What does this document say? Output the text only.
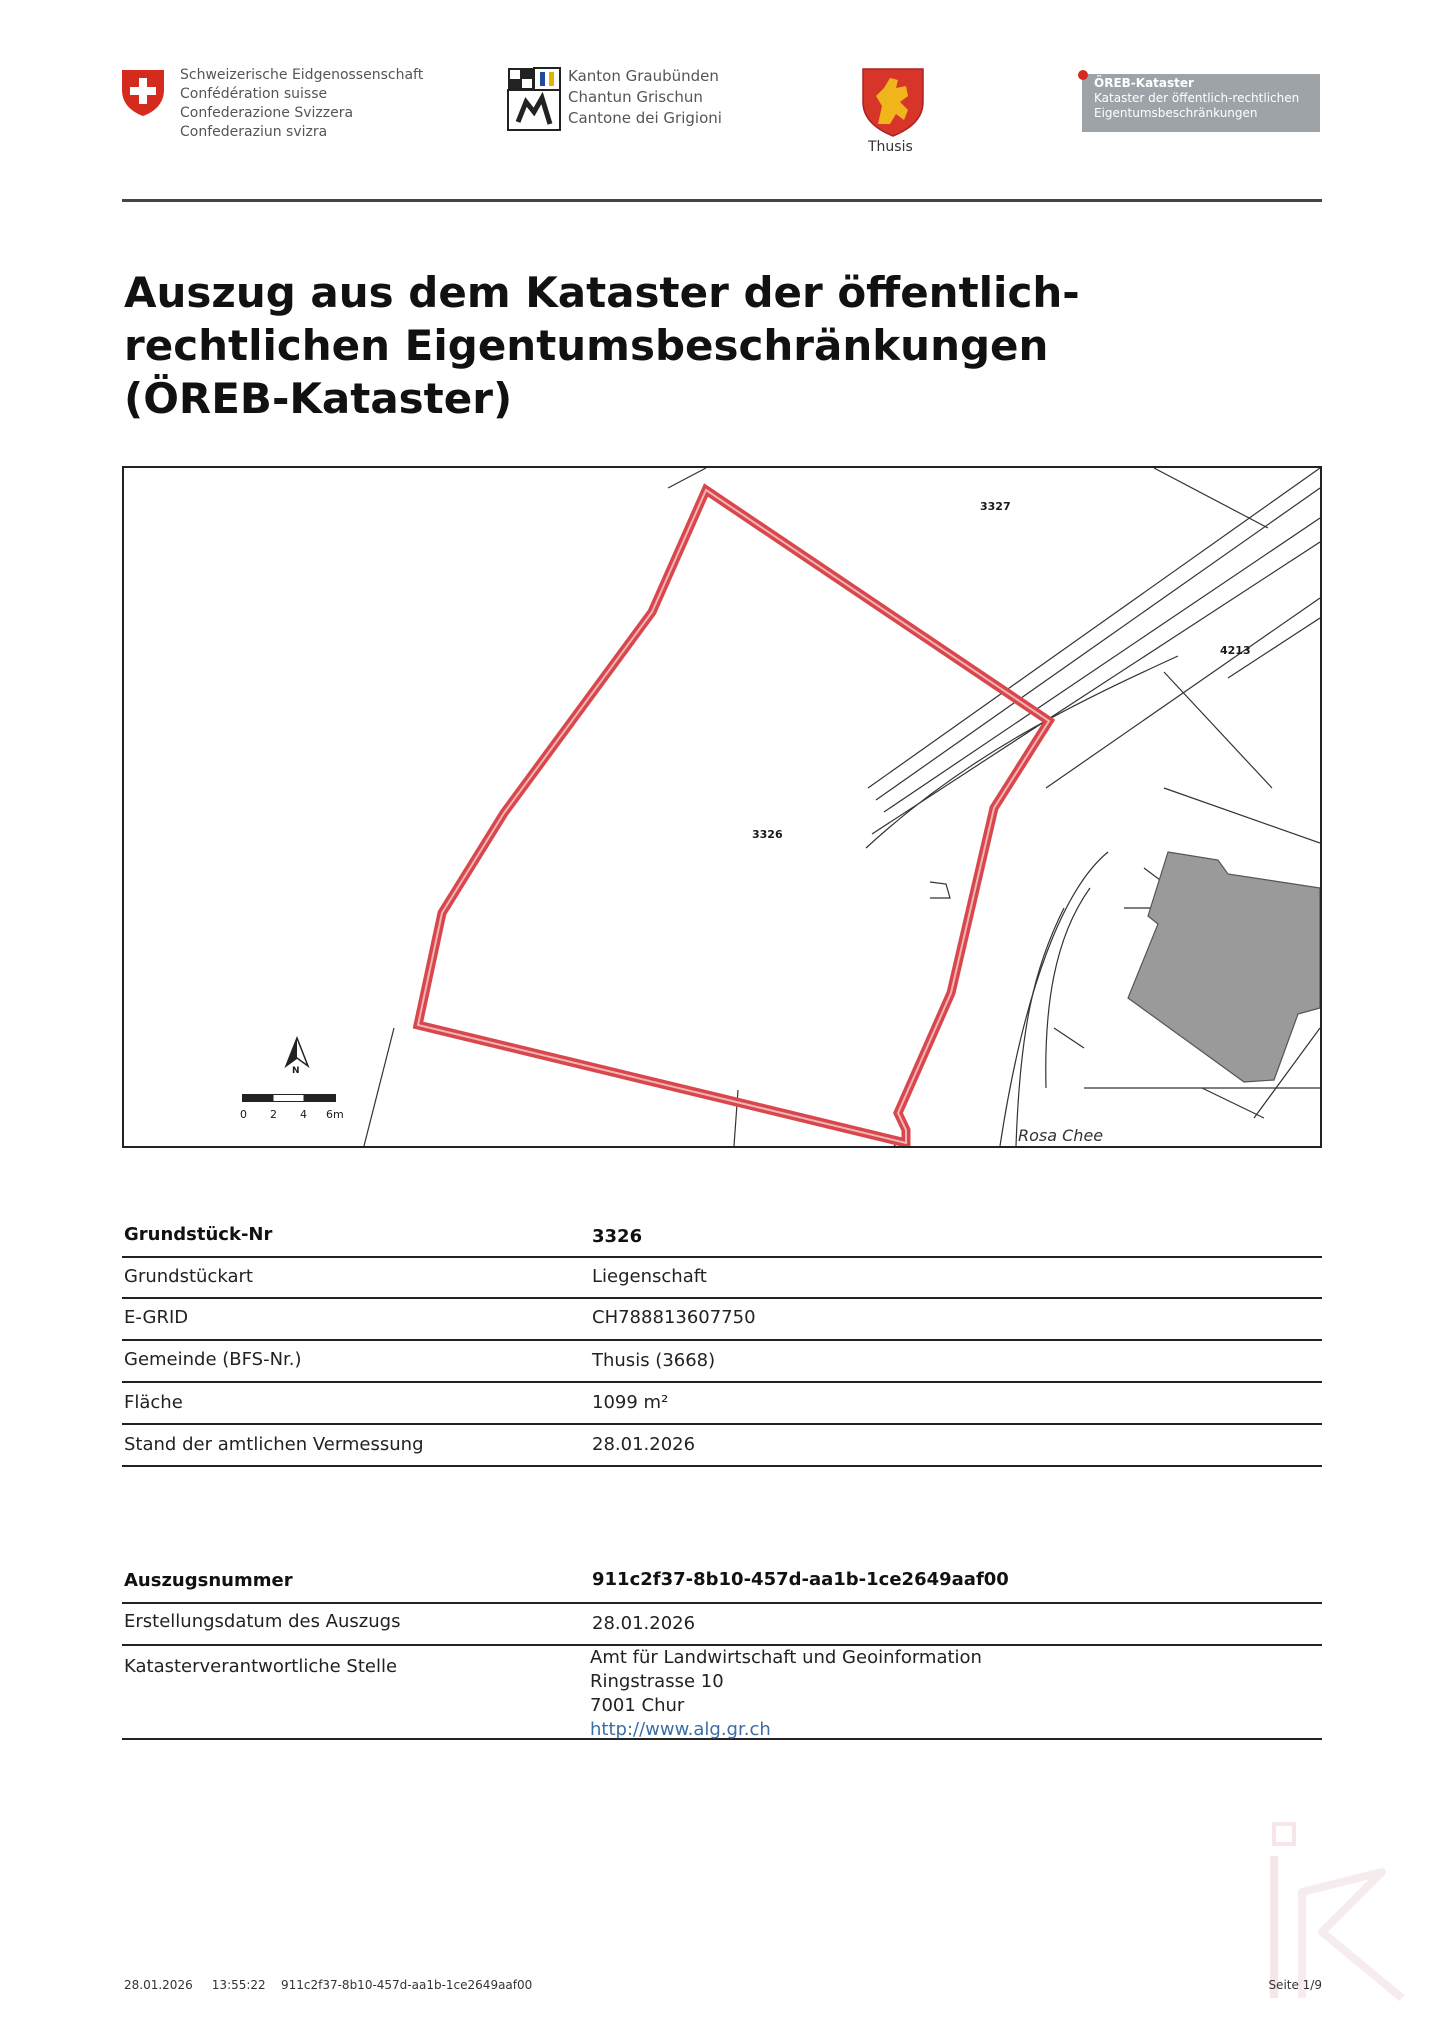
Schweizerische Eidgenossenschaft
Confédération suisse
Confederazione Svizzera
Confederaziun svizra
Kanton Graubünden
Chantun Grischun
Cantone dei Grigioni
Thusis
ÖREB-Kataster
Kataster der öffentlich-rechtlichen
Eigentumsbeschränkungen
Auszug aus dem Kataster der öffentlich-
rechtlichen Eigentumsbeschränkungen
(ÖREB-Kataster)
3326
3327
4213
Rosa Chee
N
0 2 4 6m
Grundstück-Nr	3326
Grundstückart	Liegenschaft
E-GRID	CH788813607750
Gemeinde (BFS-Nr.)	Thusis (3668)
Fläche	1099 m²
Stand der amtlichen Vermessung	28.01.2026
Auszugsnummer	911c2f37-8b10-457d-aa1b-1ce2649aaf00
Erstellungsdatum des Auszugs	28.01.2026
Katasterverantwortliche Stelle	Amt für Landwirtschaft und Geoinformation
Ringstrasse 10
7001 Chur
http://www.alg.gr.ch
28.01.2026 13:55:22 911c2f37-8b10-457d-aa1b-1ce2649aaf00	Seite 1/9
